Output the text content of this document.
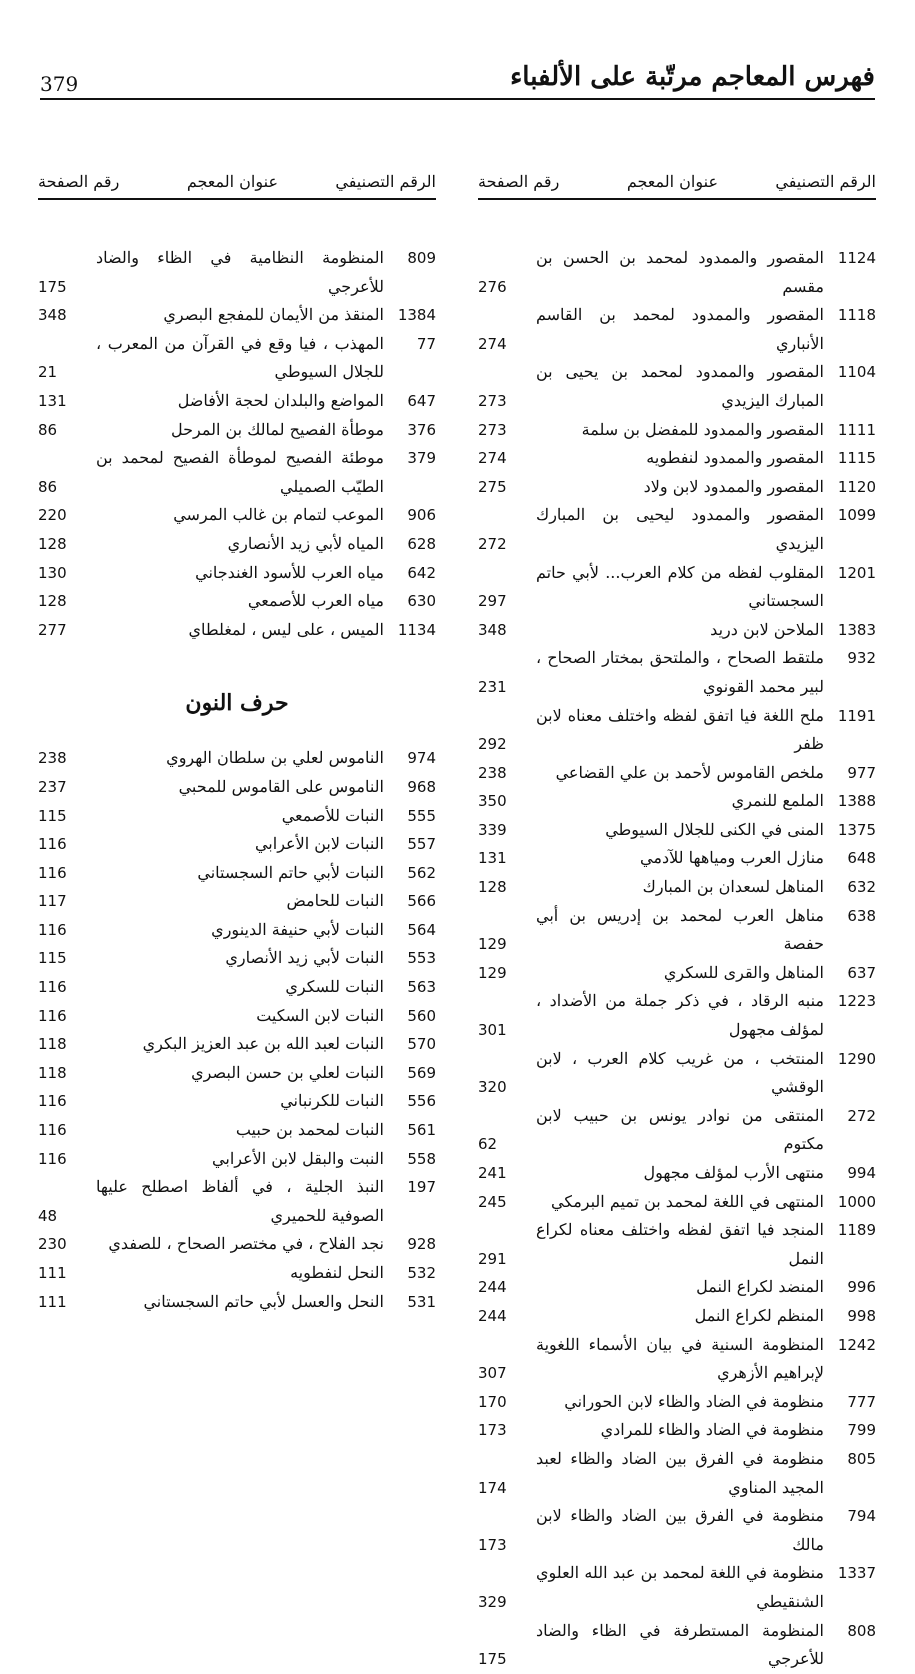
379	فهرس المعاجم مرتّبة على الألفباء
الرقم التصنيفي
عنوان المعجم
رقم الصفحة
1124
المقصور والممدود لمحمد بن الحسن بن مقسم
276
1118
المقصور والممدود لمحمد بن القاسم الأنباري
274
1104
المقصور والممدود لمحمد بن يحيى بن المبارك اليزيدي
273
1111
المقصور والممدود للمفضل بن سلمة
273
1115
المقصور والممدود لنفطويه
274
1120
المقصور والممدود لابن ولاد
275
1099
المقصور والممدود ليحيى بن المبارك اليزيدي
272
1201
المقلوب لفظه من كلام العرب... لأبي حاتم السجستاني
297
1383
الملاحن لابن دريد
348
932
ملتقط الصحاح ، والملتحق بمختار الصحاح ، لبير محمد القونوي
231
1191
ملح اللغة فيا اتفق لفظه واختلف معناه لابن ظفر
292
977
ملخص القاموس لأحمد بن علي القضاعي
238
1388
الملمع للنمري
350
1375
المنى في الكنى للجلال السيوطي
339
648
منازل العرب ومياهها للآدمي
131
632
المناهل لسعدان بن المبارك
128
638
مناهل العرب لمحمد بن إدريس بن أبي حفصة
129
637
المناهل والقرى للسكري
129
1223
منبه الرقاد ، في ذكر جملة من الأضداد ، لمؤلف مجهول
301
1290
المنتخب ، من غريب كلام العرب ، لابن الوقشي
320
272
المنتقى من نوادر يونس بن حبيب لابن مكتوم
62
994
منتهى الأرب لمؤلف مجهول
241
1000
المنتهى في اللغة لمحمد بن تميم البرمكي
245
1189
المنجد فيا اتفق لفظه واختلف معناه لكراع النمل
291
996
المنضد لكراع النمل
244
998
المنظم لكراع النمل
244
1242
المنظومة السنية في بيان الأسماء اللغوية لإبراهيم الأزهري
307
777
منظومة في الضاد والظاء لابن الحوراني
170
799
منظومة في الضاد والظاء للمرادي
173
805
منظومة في الفرق بين الضاد والظاء لعبد المجيد المناوي
174
794
منظومة في الفرق بين الضاد والظاء لابن مالك
173
1337
منظومة في اللغة لمحمد بن عبد الله العلوي الشنقيطي
329
808
المنظومة المستطرفة في الظاء والضاد للأعرجي
175
الرقم التصنيفي
عنوان المعجم
رقم الصفحة
809
المنظومة النظامية في الظاء والضاد للأعرجي
175
1384
المنقذ من الأيمان للمفجع البصري
348
77
المهذب ، فيا وقع في القرآن من المعرب ، للجلال السيوطي
21
647
المواضع والبلدان لحجة الأفاضل
131
376
موطأة الفصيح لمالك بن المرحل
86
379
موطئة الفصيح لموطأة الفصيح لمحمد بن الطيّب الصميلي
86
906
الموعب لتمام بن غالب المرسي
220
628
المياه لأبي زيد الأنصاري
128
642
مياه العرب للأسود الغندجاني
130
630
مياه العرب للأصمعي
128
1134
الميس ، على ليس ، لمغلطاي
277
حرف النون
974
الناموس لعلي بن سلطان الهروي
238
968
الناموس على القاموس للمحبي
237
555
النبات للأصمعي
115
557
النبات لابن الأعرابي
116
562
النبات لأبي حاتم السجستاني
116
566
النبات للحامض
117
564
النبات لأبي حنيفة الدينوري
116
553
النبات لأبي زيد الأنصاري
115
563
النبات للسكري
116
560
النبات لابن السكيت
116
570
النبات لعبد الله بن عبد العزيز البكري
118
569
النبات لعلي بن حسن البصري
118
556
النبات للكرنباني
116
561
النبات لمحمد بن حبيب
116
558
النبت والبقل لابن الأعرابي
116
197
النبذ الجلية ، في ألفاظ اصطلح عليها الصوفية للحميري
48
928
نجد الفلاح ، في مختصر الصحاح ، للصفدي
230
532
النحل لنفطويه
111
531
النحل والعسل لأبي حاتم السجستاني
111
